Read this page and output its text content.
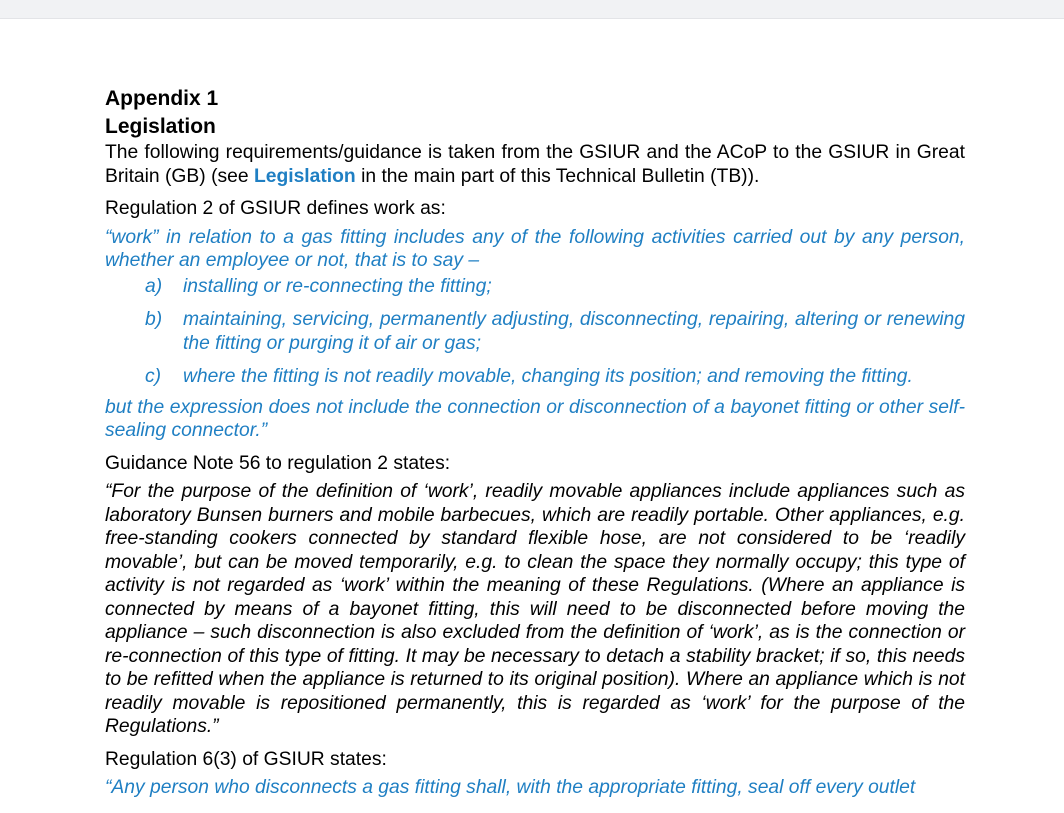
Appendix 1
Legislation

The following requirements/guidance is taken from the GSIUR and the ACoP to the GSIUR in Great Britain (GB) (see Legislation in the main part of this Technical Bulletin (TB)).

Regulation 2 of GSIUR defines work as:

“work” in relation to a gas fitting includes any of the following activities carried out by any person, whether an employee or not, that is to say –

a) installing or re-connecting the fitting;
b) maintaining, servicing, permanently adjusting, disconnecting, repairing, altering or renewing the fitting or purging it of air or gas;
c) where the fitting is not readily movable, changing its position; and removing the fitting.

but the expression does not include the connection or disconnection of a bayonet fitting or other self-sealing connector.”

Guidance Note 56 to regulation 2 states:

“For the purpose of the definition of ‘work’, readily movable appliances include appliances such as laboratory Bunsen burners and mobile barbecues, which are readily portable. Other appliances, e.g. free-standing cookers connected by standard flexible hose, are not considered to be ‘readily movable’, but can be moved temporarily, e.g. to clean the space they normally occupy; this type of activity is not regarded as ‘work’ within the meaning of these Regulations. (Where an appliance is connected by means of a bayonet fitting, this will need to be disconnected before moving the appliance – such disconnection is also excluded from the definition of ‘work’, as is the connection or re-connection of this type of fitting. It may be necessary to detach a stability bracket; if so, this needs to be refitted when the appliance is returned to its original position). Where an appliance which is not readily movable is repositioned permanently, this is regarded as ‘work’ for the purpose of the Regulations.”

Regulation 6(3) of GSIUR states:

“Any person who disconnects a gas fitting shall, with the appropriate fitting, seal off every outlet
